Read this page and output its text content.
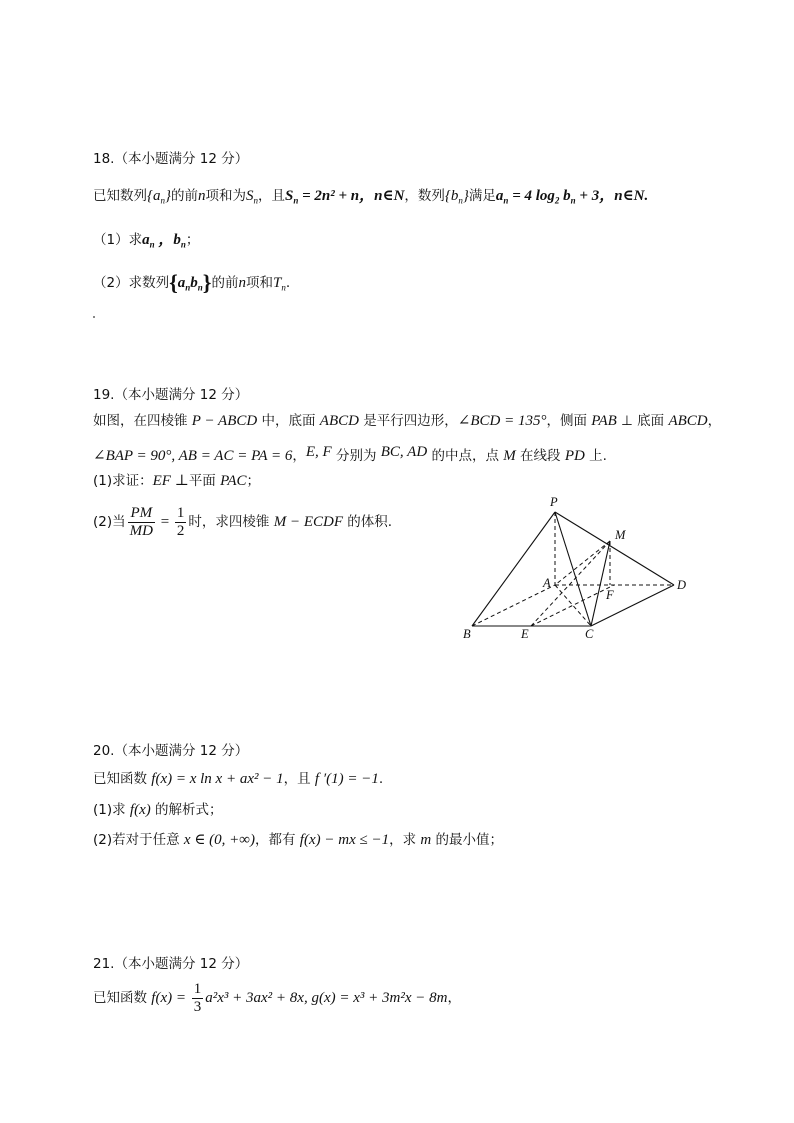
18.（本小题满分 12 分）
已知数列$\{a_n\}$的前n项和为$S_n$，且$S_n = 2n^2 + n$，n∈N，数列$\{b_n\}$满足$a_n = 4$ $\log_2 b_n + 3$，n∈N.
（1）求$a_n$ ，$b_n$；
（2）求数列$\{a_nb_n\}$的前n项和$T_n$.
19.（本小题满分 12 分）
如图，在四棱锥 P − ABCD 中，底面 ABCD 是平行四边形，∠BCD = 135°，侧面 PAB ⊥ 底面 ABCD，
∠BAP = 90°, AB = AC = PA = 6，E, F 分别为 BC, AD 的中点，点 M 在线段 PD 上.
(1)求证：EF ⊥平面 PAC；
(2)当 $\frac{PM}{MD} = \frac{1}{2}$ 时，求四棱锥 M − ECDF 的体积.
P
M
A
F
D
B	E	C
20.（本小题满分 12 分）
已知函数 f(x) = x ln x + ax² − 1，且 f ′(1) = −1.
(1)求 f(x) 的解析式；
(2)若对于任意 x ∈ (0, +∞)，都有 f(x) − mx ≤ −1，求 m 的最小值；
21.（本小题满分 12 分）
已知函数 $f(x) = \frac{1}{3} a^2x^3 + 3ax^2 + 8x$, g(x) = x³ + 3m²x − 8m，
